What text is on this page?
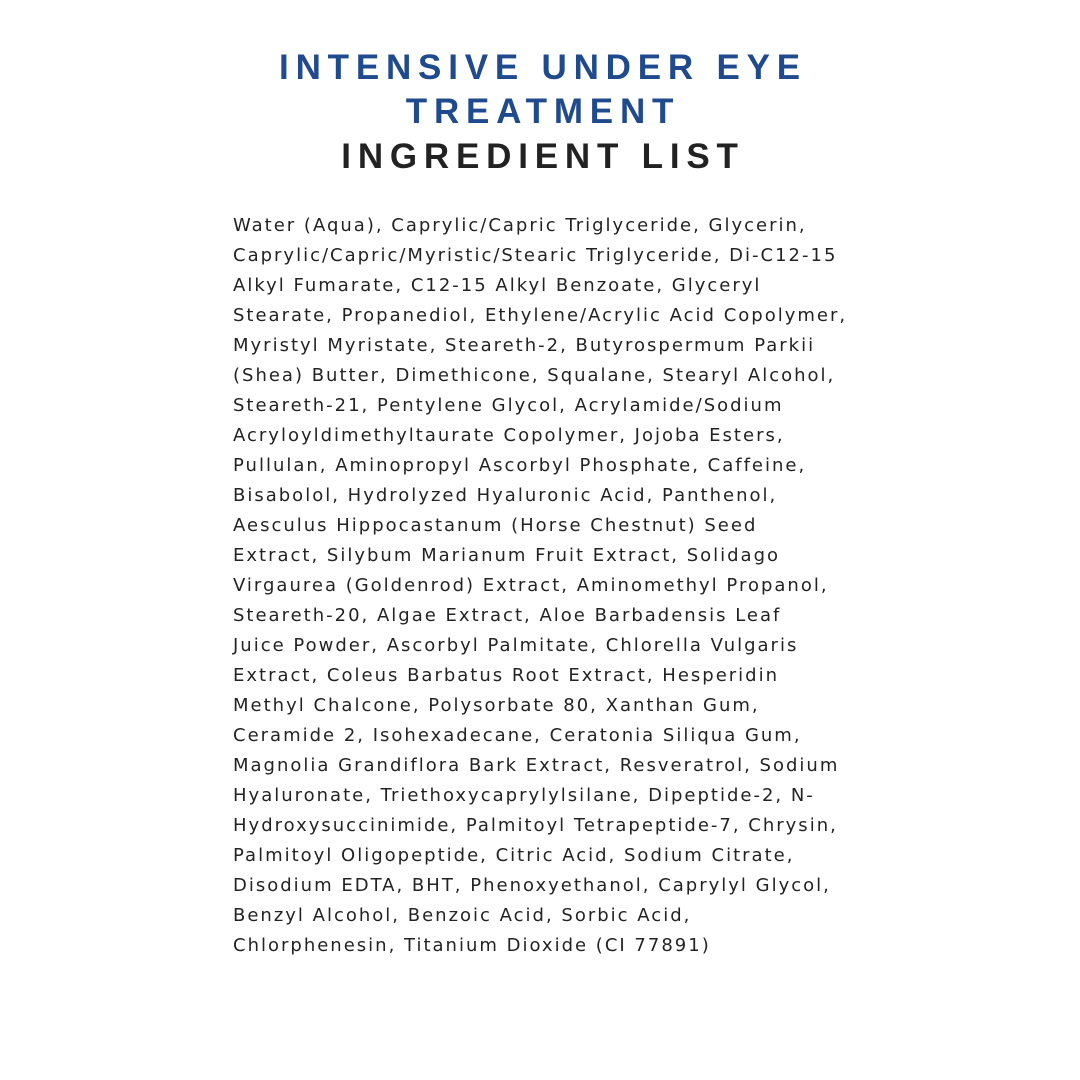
INTENSIVE UNDER EYE
TREATMENT
INGREDIENT LIST

Water (Aqua), Caprylic/Capric Triglyceride, Glycerin,
Caprylic/Capric/Myristic/Stearic Triglyceride, Di-C12-15
Alkyl Fumarate, C12-15 Alkyl Benzoate, Glyceryl
Stearate, Propanediol, Ethylene/Acrylic Acid Copolymer,
Myristyl Myristate, Steareth-2, Butyrospermum Parkii
(Shea) Butter, Dimethicone, Squalane, Stearyl Alcohol,
Steareth-21, Pentylene Glycol, Acrylamide/Sodium
Acryloyldimethyltaurate Copolymer, Jojoba Esters,
Pullulan, Aminopropyl Ascorbyl Phosphate, Caffeine,
Bisabolol, Hydrolyzed Hyaluronic Acid, Panthenol,
Aesculus Hippocastanum (Horse Chestnut) Seed
Extract, Silybum Marianum Fruit Extract, Solidago
Virgaurea (Goldenrod) Extract, Aminomethyl Propanol,
Steareth-20, Algae Extract, Aloe Barbadensis Leaf
Juice Powder, Ascorbyl Palmitate, Chlorella Vulgaris
Extract, Coleus Barbatus Root Extract, Hesperidin
Methyl Chalcone, Polysorbate 80, Xanthan Gum,
Ceramide 2, Isohexadecane, Ceratonia Siliqua Gum,
Magnolia Grandiflora Bark Extract, Resveratrol, Sodium
Hyaluronate, Triethoxycaprylylsilane, Dipeptide-2, N-
Hydroxysuccinimide, Palmitoyl Tetrapeptide-7, Chrysin,
Palmitoyl Oligopeptide, Citric Acid, Sodium Citrate,
Disodium EDTA, BHT, Phenoxyethanol, Caprylyl Glycol,
Benzyl Alcohol, Benzoic Acid, Sorbic Acid,
Chlorphenesin, Titanium Dioxide (CI 77891)
